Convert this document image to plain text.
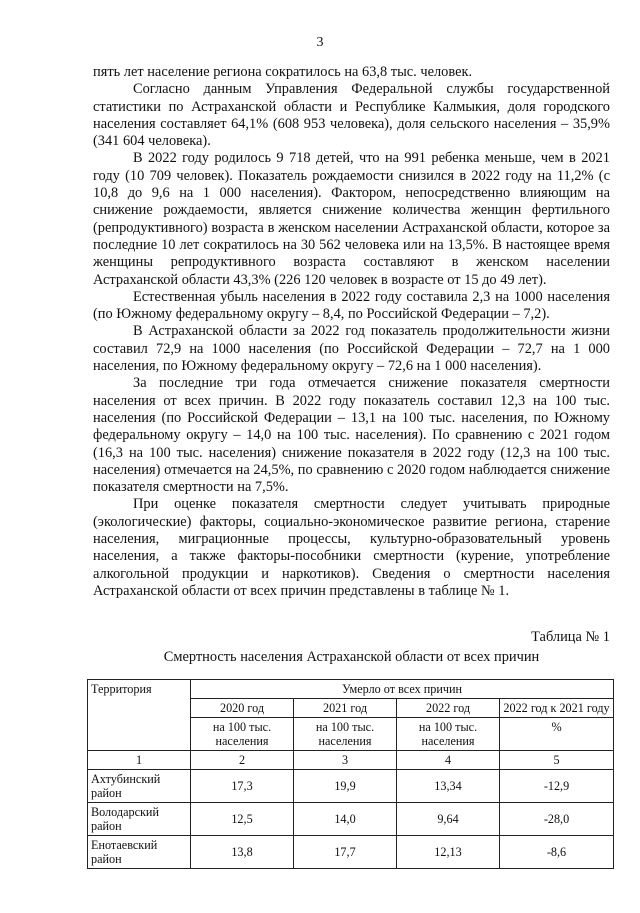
3

пять лет население региона сократилось на 63,8 тыс. человек.

Согласно данным Управления Федеральной службы государственной статистики по Астраханской области и Республике Калмыкия, доля городского населения составляет 64,1% (608 953 человека), доля сельского населения – 35,9% (341 604 человека).

В 2022 году родилось 9 718 детей, что на 991 ребенка меньше, чем в 2021 году (10 709 человек). Показатель рождаемости снизился в 2022 году на 11,2% (с 10,8 до 9,6 на 1 000 населения). Фактором, непосредственно влияющим на снижение рождаемости, является снижение количества женщин фертильного (репродуктивного) возраста в женском населении Астраханской области, которое за последние 10 лет сократилось на 30 562 человека или на 13,5%. В настоящее время женщины репродуктивного возраста составляют в женском населении Астраханской области 43,3% (226 120 человек в возрасте от 15 до 49 лет).

Естественная убыль населения в 2022 году составила 2,3 на 1000 населения (по Южному федеральному округу – 8,4, по Российской Федерации – 7,2).

В Астраханской области за 2022 год показатель продолжительности жизни составил 72,9 на 1000 населения (по Российской Федерации – 72,7 на 1 000 населения, по Южному федеральному округу – 72,6 на 1 000 населения).

За последние три года отмечается снижение показателя смертности населения от всех причин. В 2022 году показатель составил 12,3 на 100 тыс. населения (по Российской Федерации – 13,1 на 100 тыс. населения, по Южному федеральному округу – 14,0 на 100 тыс. населения). По сравнению с 2021 годом (16,3 на 100 тыс. населения) снижение показателя в 2022 году (12,3 на 100 тыс. населения) отмечается на 24,5%, по сравнению с 2020 годом наблюдается снижение показателя смертности на 7,5%.

При оценке показателя смертности следует учитывать природные (экологические) факторы, социально-экономическое развитие региона, старение населения, миграционные процессы, культурно-образовательный уровень населения, а также факторы-пособники смертности (курение, употребление алкогольной продукции и наркотиков). Сведения о смертности населения Астраханской области от всех причин представлены в таблице № 1.

Таблица № 1

Смертность населения Астраханской области от всех причин

Территория	Умерло от всех причин			
	2020 год	2021 год	2022 год	2022 год к 2021 году
	на 100 тыс. населения	на 100 тыс. населения	на 100 тыс. населения	%
1	2	3	4	5
Ахтубинский район	17,3	19,9	13,34	-12,9
Володарский район	12,5	14,0	9,64	-28,0
Енотаевский район	13,8	17,7	12,13	-8,6
